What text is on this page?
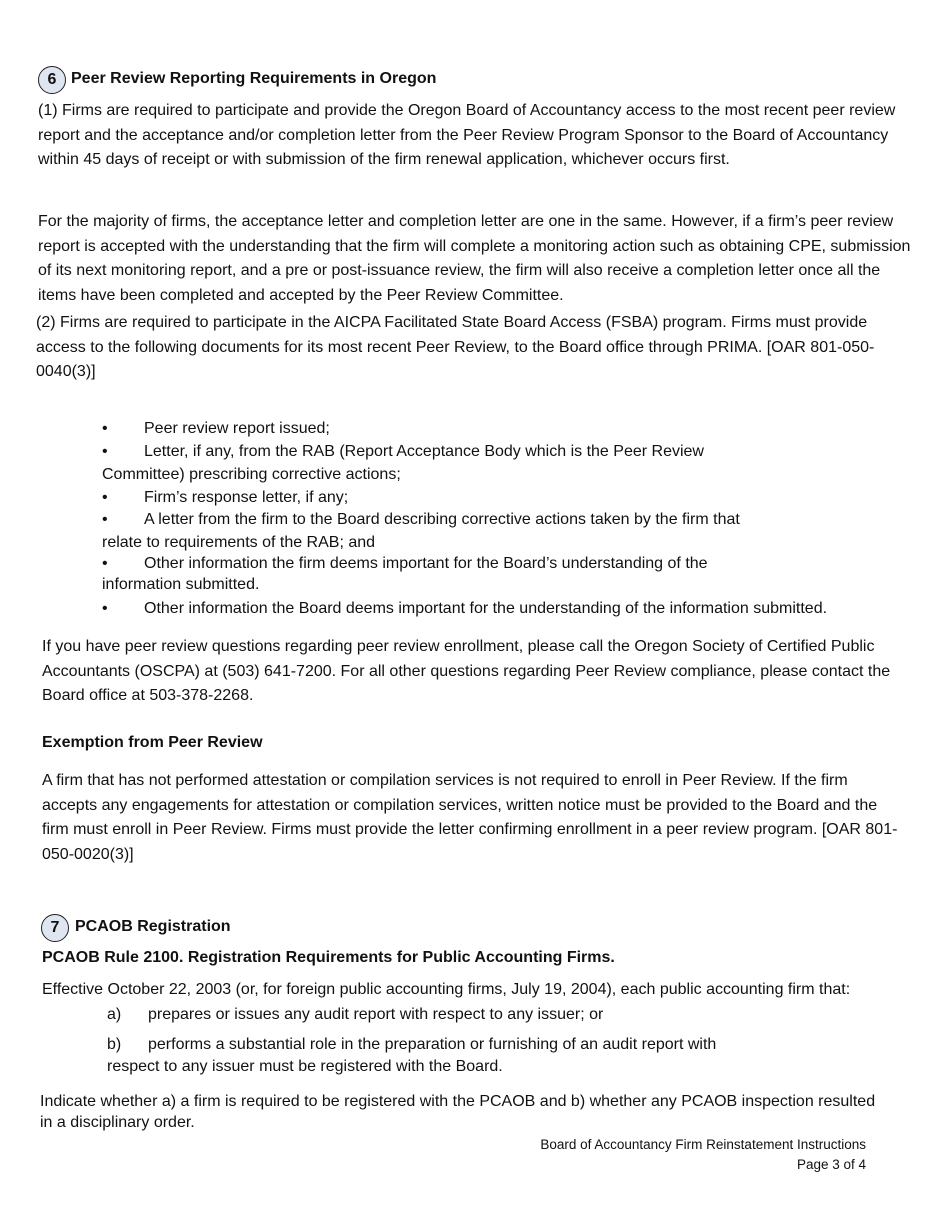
6 Peer Review Reporting Requirements in Oregon

(1) Firms are required to participate and provide the Oregon Board of Accountancy access to the most recent peer review report and the acceptance and/or completion letter from the Peer Review Program Sponsor to the Board of Accountancy within 45 days of receipt or with submission of the firm renewal application, whichever occurs first.

For the majority of firms, the acceptance letter and completion letter are one in the same. However, if a firm’s peer review report is accepted with the understanding that the firm will complete a monitoring action such as obtaining CPE, submission of its next monitoring report, and a pre or post-issuance review, the firm will also receive a completion letter once all the items have been completed and accepted by the Peer Review Committee.

(2) Firms are required to participate in the AICPA Facilitated State Board Access (FSBA) program. Firms must provide access to the following documents for its most recent Peer Review, to the Board office through PRIMA. [OAR 801-050-0040(3)]

•	Peer review report issued;
•	Letter, if any, from the RAB (Report Acceptance Body which is the Peer Review
Committee) prescribing corrective actions;
•	Firm’s response letter, if any;
•	A letter from the firm to the Board describing corrective actions taken by the firm that
relate to requirements of the RAB; and
•	Other information the firm deems important for the Board’s understanding of the
information submitted.
•	Other information the Board deems important for the understanding of the information submitted.

If you have peer review questions regarding peer review enrollment, please call the Oregon Society of Certified Public Accountants (OSCPA) at (503) 641-7200. For all other questions regarding Peer Review compliance, please contact the Board office at 503-378-2268.

Exemption from Peer Review

A firm that has not performed attestation or compilation services is not required to enroll in Peer Review. If the firm accepts any engagements for attestation or compilation services, written notice must be provided to the Board and the firm must enroll in Peer Review. Firms must provide the letter confirming enrollment in a peer review program. [OAR 801-050-0020(3)]

7 PCAOB Registration
PCAOB Rule 2100. Registration Requirements for Public Accounting Firms.
Effective October 22, 2003 (or, for foreign public accounting firms, July 19, 2004), each public accounting firm that:
a) prepares or issues any audit report with respect to any issuer; or
b) performs a substantial role in the preparation or furnishing of an audit report with
respect to any issuer must be registered with the Board.

Indicate whether a) a firm is required to be registered with the PCAOB and b) whether any PCAOB inspection resulted in a disciplinary order.

Board of Accountancy Firm Reinstatement Instructions
Page 3 of 4
